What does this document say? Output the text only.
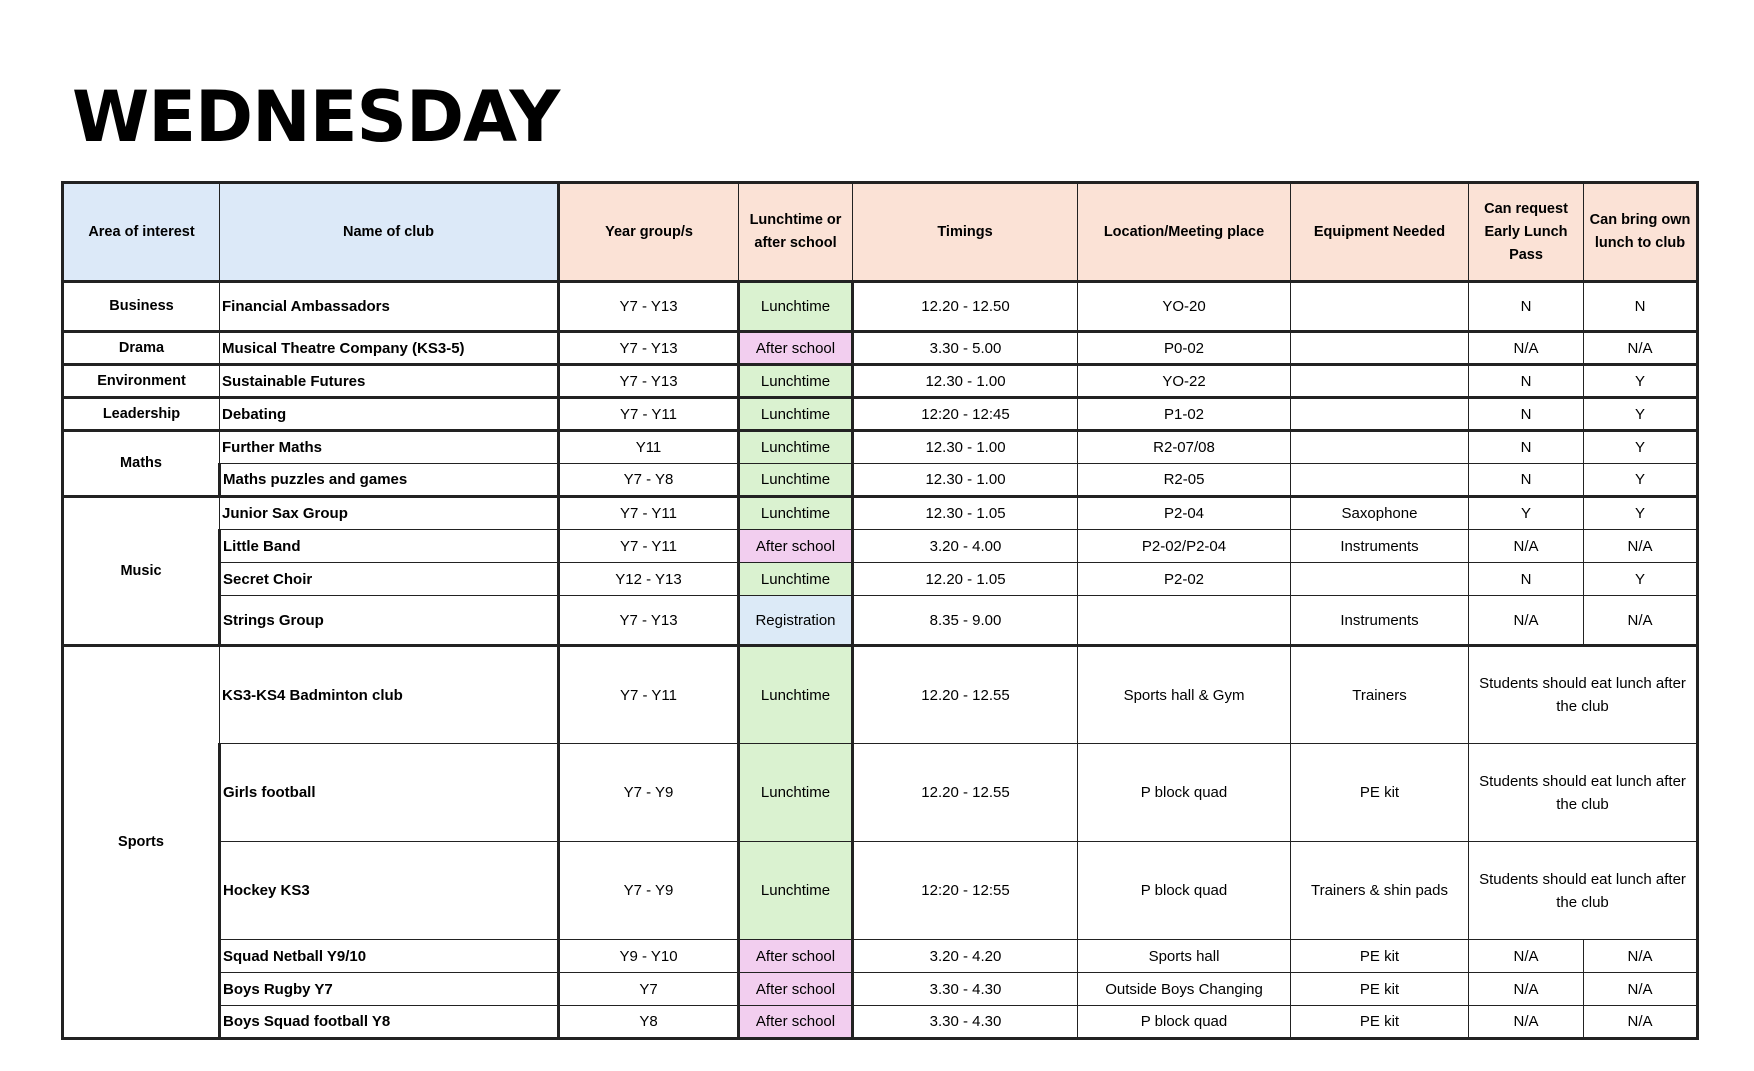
WEDNESDAY
Area of interest	Name of club	Year group/s	Lunchtime or after school	Timings	Location/Meeting place	Equipment Needed	Can request Early Lunch Pass	Can bring own lunch to club
Business	Financial Ambassadors	Y7 - Y13	Lunchtime	12.20 - 12.50	YO-20		N	N
Drama	Musical Theatre Company (KS3-5)	Y7 - Y13	After school	3.30 - 5.00	P0-02		N/A	N/A
Environment	Sustainable Futures	Y7 - Y13	Lunchtime	12.30 - 1.00	YO-22		N	Y
Leadership	Debating	Y7 - Y11	Lunchtime	12:20 - 12:45	P1-02		N	Y
Maths	Further Maths	Y11	Lunchtime	12.30 - 1.00	R2-07/08		N	Y
	Maths puzzles and games	Y7 - Y8	Lunchtime	12.30 - 1.00	R2-05		N	Y
Music	Junior Sax Group	Y7 - Y11	Lunchtime	12.30 - 1.05	P2-04	Saxophone	Y	Y
	Little Band	Y7 - Y11	After school	3.20 - 4.00	P2-02/P2-04	Instruments	N/A	N/A
	Secret Choir	Y12 - Y13	Lunchtime	12.20 - 1.05	P2-02		N	Y
	Strings Group	Y7 - Y13	Registration	8.35 - 9.00		Instruments	N/A	N/A
Sports	KS3-KS4 Badminton club	Y7 - Y11	Lunchtime	12.20 - 12.55	Sports hall & Gym	Trainers	Students should eat lunch after the club	
	Girls football	Y7 - Y9	Lunchtime	12.20 - 12.55	P block quad	PE kit	Students should eat lunch after the club	
	Hockey KS3	Y7 - Y9	Lunchtime	12:20 - 12:55	P block quad	Trainers & shin pads	Students should eat lunch after the club	
	Squad Netball Y9/10	Y9 - Y10	After school	3.20 - 4.20	Sports hall	PE kit	N/A	N/A
	Boys Rugby Y7	Y7	After school	3.30 - 4.30	Outside Boys Changing	PE kit	N/A	N/A
	Boys Squad football Y8	Y8	After school	3.30 - 4.30	P block quad	PE kit	N/A	N/A
